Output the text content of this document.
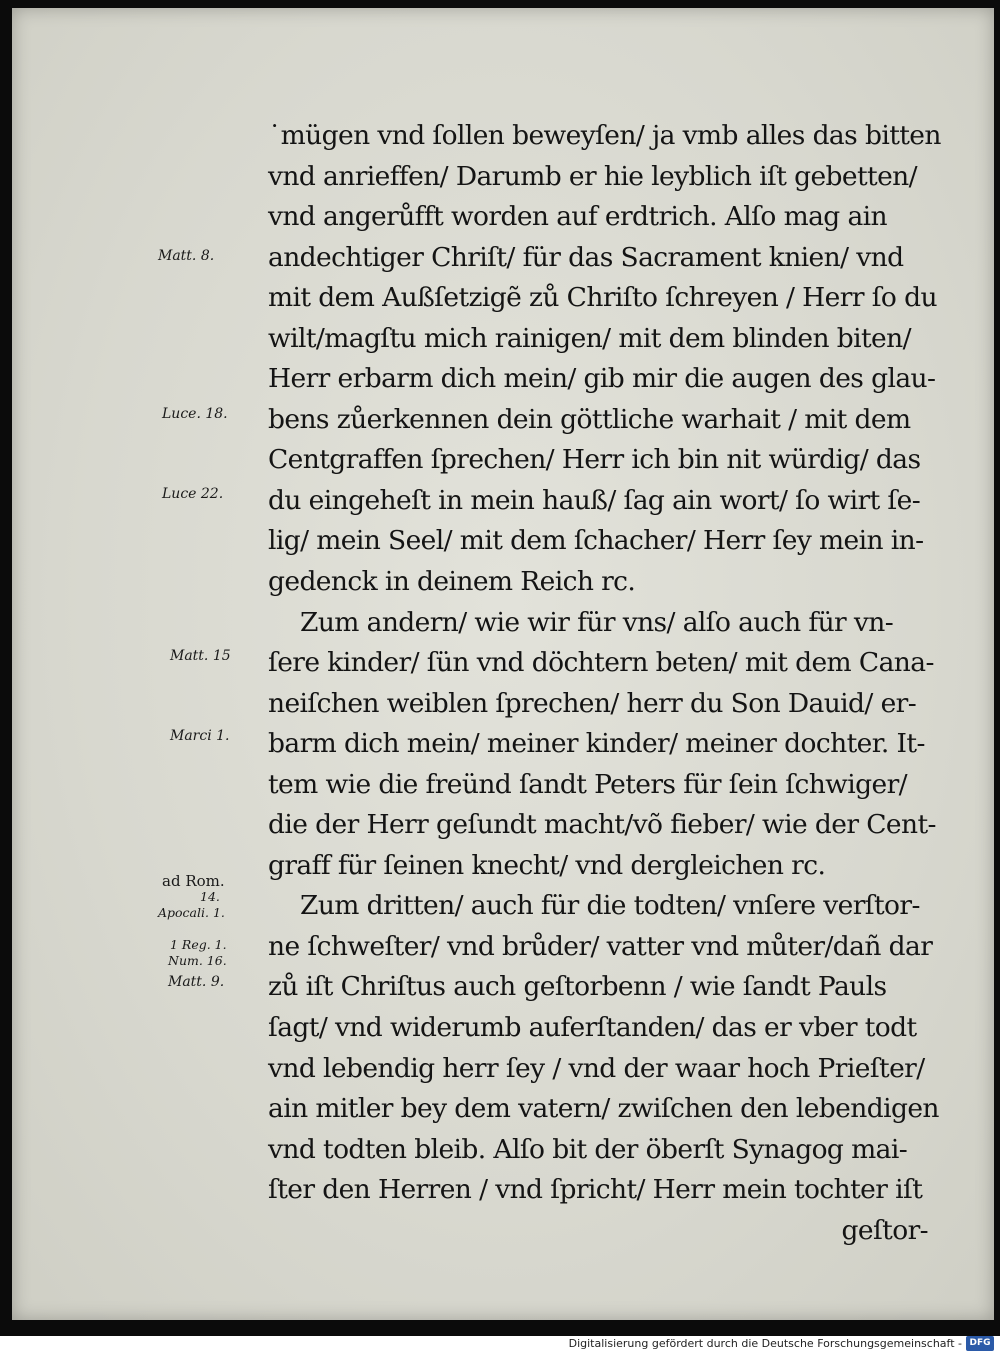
˙mügen vnd ſollen beweyſen/ ja vmb alles das bitten
vnd anrieffen/ Darumb er hie leyblich iſt gebetten/
vnd angerůfft worden auf erdtrich. Alſo mag ain
andechtiger Chriſt/ für das Sacrament knien/ vnd
mit dem Außſetzigẽ zů Chriſto ſchreyen / Herr ſo du
wilt/magſtu mich rainigen/ mit dem blinden biten/
Herr erbarm dich mein/ gib mir die augen des glau-
bens zůerkennen dein göttliche warhait / mit dem
Centgraffen ſprechen/ Herr ich bin nit würdig/ das
du eingeheſt in mein hauß/ ſag ain wort/ ſo wirt ſe-
lig/ mein Seel/ mit dem ſchacher/ Herr ſey mein in-
gedenck in deinem Reich rc.
Zum andern/ wie wir für vns/ alſo auch für vn-
ſere kinder/ ſün vnd döchtern beten/ mit dem Cana-
neiſchen weiblen ſprechen/ herr du Son Dauid/ er-
barm dich mein/ meiner kinder/ meiner dochter. It-
tem wie die freünd ſandt Peters für ſein ſchwiger/
die der Herr geſundt macht/võ fieber/ wie der Cent-
graff für ſeinen knecht/ vnd dergleichen rc.
Zum dritten/ auch für die todten/ vnſere verſtor-
ne ſchweſter/ vnd brůder/ vatter vnd můter/dañ dar
zů iſt Chriſtus auch geſtorbenn / wie ſandt Pauls
ſagt/ vnd widerumb auferſtanden/ das er vber todt
vnd lebendig herr ſey / vnd der waar hoch Prieſter/
ain mitler bey dem vatern/ zwiſchen den lebendigen
vnd todten bleib. Alſo bit der öberſt Synagog mai-
ſter den Herren / vnd ſpricht/ Herr mein tochter iſt
geſtor-
Matt. 8.
Luce. 18.
Luce 22.
Matt. 15
Marci 1.
ad Rom.
14.
Apocali. 1.
1 Reg. 1.
Num. 16.
Matt. 9.
Digitalisierung gefördert durch die Deutsche Forschungsgemeinschaft - DFG
